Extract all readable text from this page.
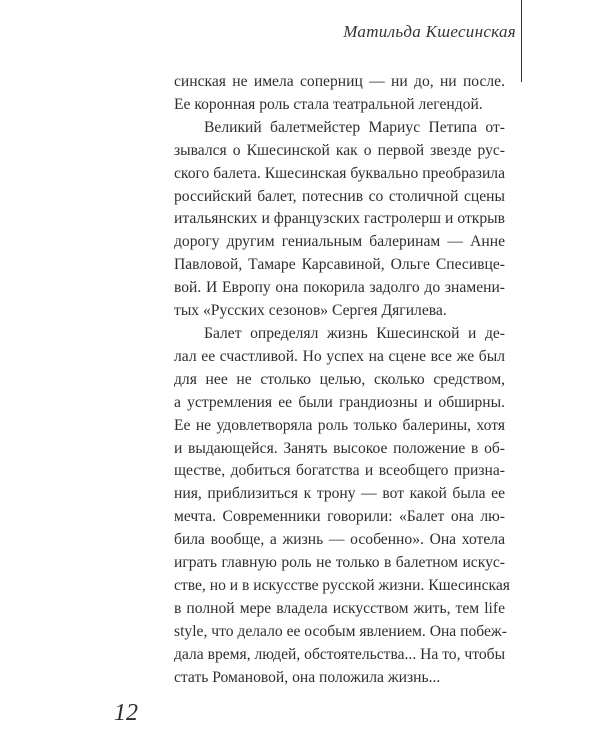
Матильда Кшесинская

синская не имела соперниц — ни до, ни после.
Ее коронная роль стала театральной легендой.

Великий балетмейстер Мариус Петипа от-
зывался о Кшесинской как о первой звезде рус-
ского балета. Кшесинская буквально преобразила
российский балет, потеснив со столичной сцены
итальянских и французских гастролерш и открыв
дорогу другим гениальным балеринам — Анне
Павловой, Тамаре Карсавиной, Ольге Спесивце-
вой. И Европу она покорила задолго до знамени-
тых «Русских сезонов» Сергея Дягилева.

Балет определял жизнь Кшесинской и де-
лал ее счастливой. Но успех на сцене все же был
для нее не столько целью, сколько средством,
а устремления ее были грандиозны и обширны.
Ее не удовлетворяла роль только балерины, хотя
и выдающейся. Занять высокое положение в об-
ществе, добиться богатства и всеобщего призна-
ния, приблизиться к трону — вот какой была ее
мечта. Современники говорили: «Балет она лю-
била вообще, а жизнь — особенно». Она хотела
играть главную роль не только в балетном искус-
стве, но и в искусстве русской жизни. Кшесинская
в полной мере владела искусством жить, тем life
style, что делало ее особым явлением. Она побеж-
дала время, людей, обстоятельства... На то, чтобы
стать Романовой, она положила жизнь...

12
